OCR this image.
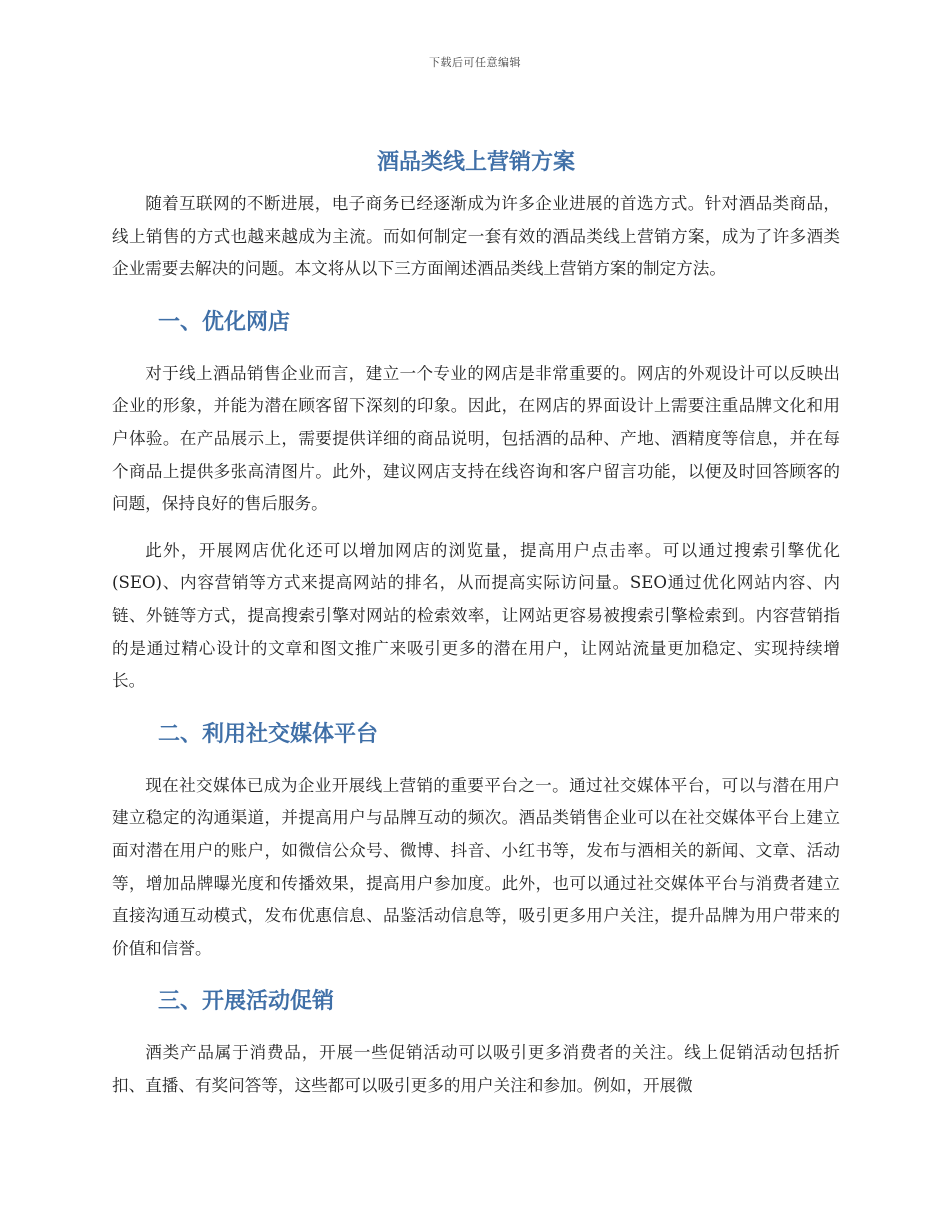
下载后可任意编辑
酒品类线上营销方案

随着互联网的不断进展，电子商务已经逐渐成为许多企业进展的首选方式。针对酒品类商品，线上销售的方式也越来越成为主流。而如何制定一套有效的酒品类线上营销方案，成为了许多酒类企业需要去解决的问题。本文将从以下三方面阐述酒品类线上营销方案的制定方法。

一、优化网店

对于线上酒品销售企业而言，建立一个专业的网店是非常重要的。网店的外观设计可以反映出企业的形象，并能为潜在顾客留下深刻的印象。因此，在网店的界面设计上需要注重品牌文化和用户体验。在产品展示上，需要提供详细的商品说明，包括酒的品种、产地、酒精度等信息，并在每个商品上提供多张高清图片。此外，建议网店支持在线咨询和客户留言功能，以便及时回答顾客的问题，保持良好的售后服务。

此外，开展网店优化还可以增加网店的浏览量，提高用户点击率。可以通过搜索引擎优化(SEO)、内容营销等方式来提高网站的排名，从而提高实际访问量。SEO通过优化网站内容、内链、外链等方式，提高搜索引擎对网站的检索效率，让网站更容易被搜索引擎检索到。内容营销指的是通过精心设计的文章和图文推广来吸引更多的潜在用户，让网站流量更加稳定、实现持续增长。

二、利用社交媒体平台

现在社交媒体已成为企业开展线上营销的重要平台之一。通过社交媒体平台，可以与潜在用户建立稳定的沟通渠道，并提高用户与品牌互动的频次。酒品类销售企业可以在社交媒体平台上建立面对潜在用户的账户，如微信公众号、微博、抖音、小红书等，发布与酒相关的新闻、文章、活动等，增加品牌曝光度和传播效果，提高用户参加度。此外，也可以通过社交媒体平台与消费者建立直接沟通互动模式，发布优惠信息、品鉴活动信息等，吸引更多用户关注，提升品牌为用户带来的价值和信誉。

三、开展活动促销

酒类产品属于消费品，开展一些促销活动可以吸引更多消费者的关注。线上促销活动包括折扣、直播、有奖问答等，这些都可以吸引更多的用户关注和参加。例如，开展微
